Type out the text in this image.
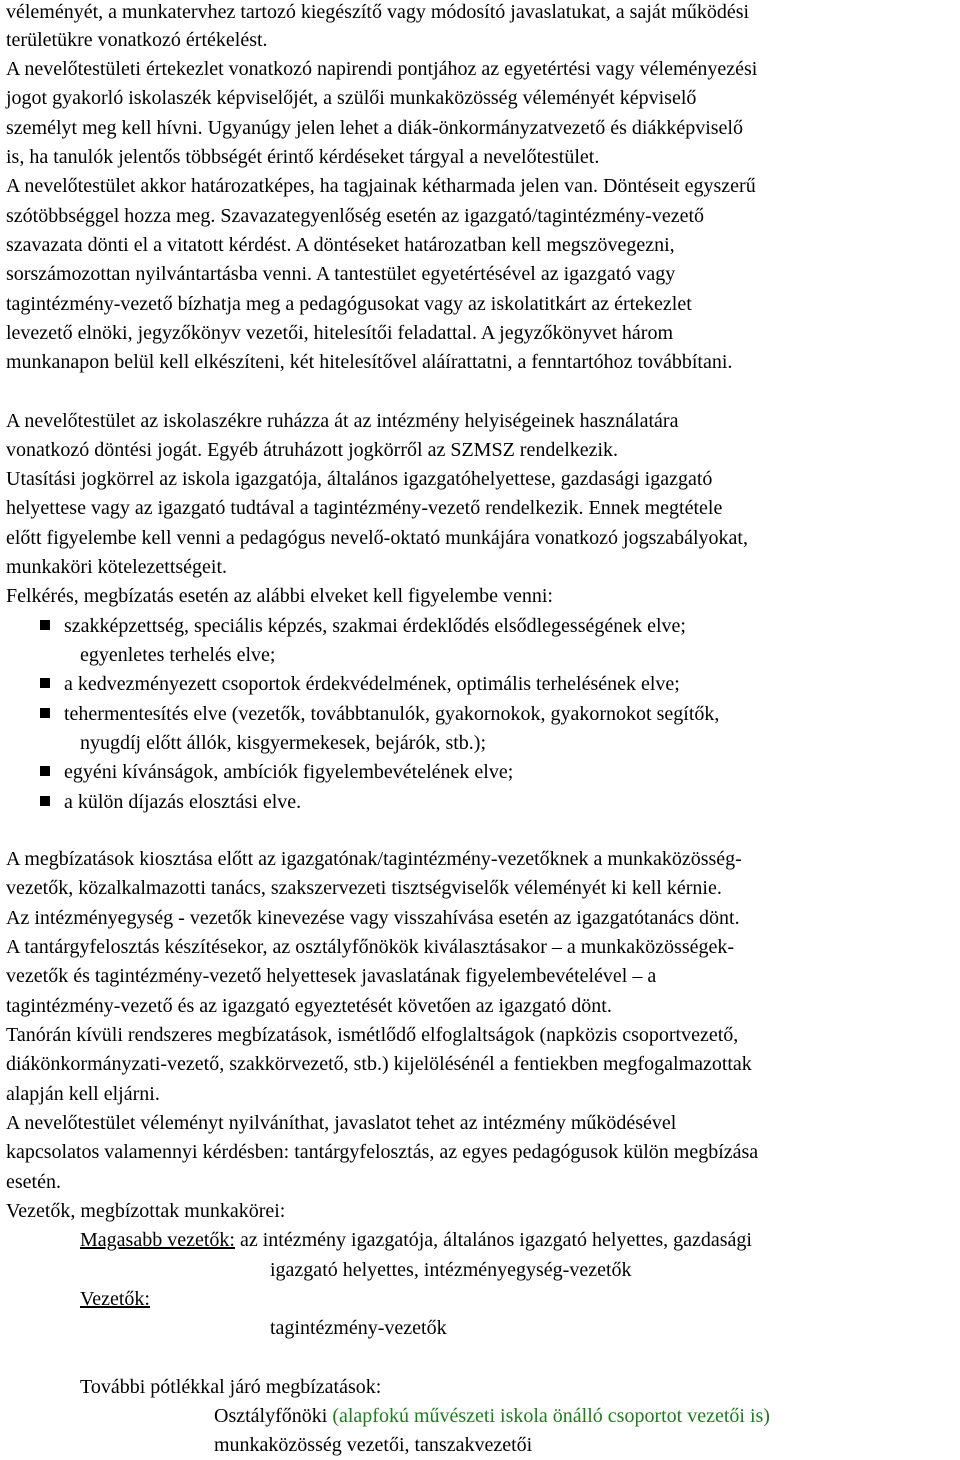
véleményét, a munkatervhez tartozó kiegészítő vagy módosító javaslatukat, a saját működési
területükre vonatkozó értékelést.
A nevelőtestületi értekezlet vonatkozó napirendi pontjához az egyetértési vagy véleményezési
jogot gyakorló iskolaszék képviselőjét, a szülői munkaközösség véleményét képviselő
személyt meg kell hívni. Ugyanúgy jelen lehet a diák-önkormányzatvezető és diákképviselő
is, ha tanulók jelentős többségét érintő kérdéseket tárgyal a nevelőtestület.
A nevelőtestület akkor határozatképes, ha tagjainak kétharmada jelen van. Döntéseit egyszerű
szótöbbséggel hozza meg. Szavazategyenlőség esetén az igazgató/tagintézmény-vezető
szavazata dönti el a vitatott kérdést. A döntéseket határozatban kell megszövegezni,
sorszámozottan nyilvántartásba venni. A tantestület egyetértésével az igazgató vagy
tagintézmény-vezető bízhatja meg a pedagógusokat vagy az iskolatitkárt az értekezlet
levezető elnöki, jegyzőkönyv vezetői, hitelesítői feladattal. A jegyzőkönyvet három
munkanapon belül kell elkészíteni, két hitelesítővel aláírattatni, a fenntartóhoz továbbítani.
A nevelőtestület az iskolaszékre ruházza át az intézmény helyiségeinek használatára
vonatkozó döntési jogát. Egyéb átruházott jogkörről az SZMSZ rendelkezik.
Utasítási jogkörrel az iskola igazgatója, általános igazgatóhelyettese, gazdasági igazgató
helyettese vagy az igazgató tudtával a tagintézmény-vezető rendelkezik. Ennek megtétele
előtt figyelembe kell venni a pedagógus nevelő-oktató munkájára vonatkozó jogszabályokat,
munkaköri kötelezettségeit.
Felkérés, megbízatás esetén az alábbi elveket kell figyelembe venni:
szakképzettség, speciális képzés, szakmai érdeklődés elsődlegességének elve;
egyenletes terhelés elve;
a kedvezményezett csoportok érdekvédelmének, optimális terhelésének elve;
tehermentesítés elve (vezetők, továbbtanulók, gyakornokok, gyakornokot segítők,
nyugdíj előtt állók, kisgyermekesek, bejárók, stb.);
egyéni kívánságok, ambíciók figyelembevételének elve;
a külön díjazás elosztási elve.
A megbízatások kiosztása előtt az igazgatónak/tagintézmény-vezetőknek a munkaközösség-
vezetők, közalkalmazotti tanács, szakszervezeti tisztségviselők véleményét ki kell kérnie.
Az intézményegység - vezetők kinevezése vagy visszahívása esetén az igazgatótanács dönt.
A tantárgyfelosztás készítésekor, az osztályfőnökök kiválasztásakor – a munkaközösségek-
vezetők és tagintézmény-vezető helyettesek javaslatának figyelembevételével – a
tagintézmény-vezető és az igazgató egyeztetését követően az igazgató dönt.
Tanórán kívüli rendszeres megbízatások, ismétlődő elfoglaltságok (napközis csoportvezető,
diákönkormányzati-vezető, szakkörvezető, stb.) kijelölésénél a fentiekben megfogalmazottak
alapján kell eljárni.
A nevelőtestület véleményt nyilváníthat, javaslatot tehet az intézmény működésével
kapcsolatos valamennyi kérdésben: tantárgyfelosztás, az egyes pedagógusok külön megbízása
esetén.
Vezetők, megbízottak munkakörei:
Magasabb vezetők: az intézmény igazgatója, általános igazgató helyettes, gazdasági
igazgató helyettes, intézményegység-vezetők
Vezetők:
tagintézmény-vezetők
További pótlékkal járó megbízatások:
Osztályfőnöki (alapfokú művészeti iskola önálló csoportot vezetői is)
munkaközösség vezetői, tanszakvezetői
